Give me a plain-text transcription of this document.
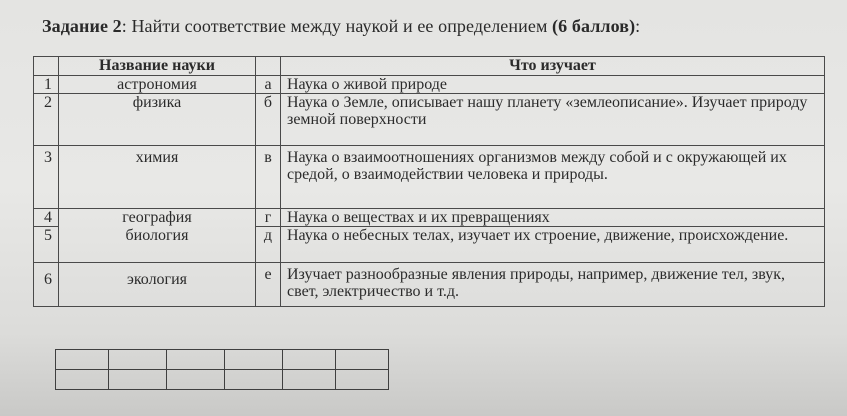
Задание 2: Найти соответствие между наукой и ее определением (6 баллов):
	Название науки		Что изучает
1	астрономия	а	Наука о живой природе
2	физика	б	Наука о Земле, описывает нашу планету «землеописание». Изучает природу земной поверхности
3	химия	в	Наука о взаимоотношениях организмов между собой и с окружающей их средой, о взаимодействии человека и природы.
4	география	г	Наука о веществах и их превращениях
5	биология	д	Наука о небесных телах, изучает их строение, движение, происхождение.
6	экология	е	Изучает разнообразные явления природы, например, движение тел, звук, свет, электричество и т.д.
